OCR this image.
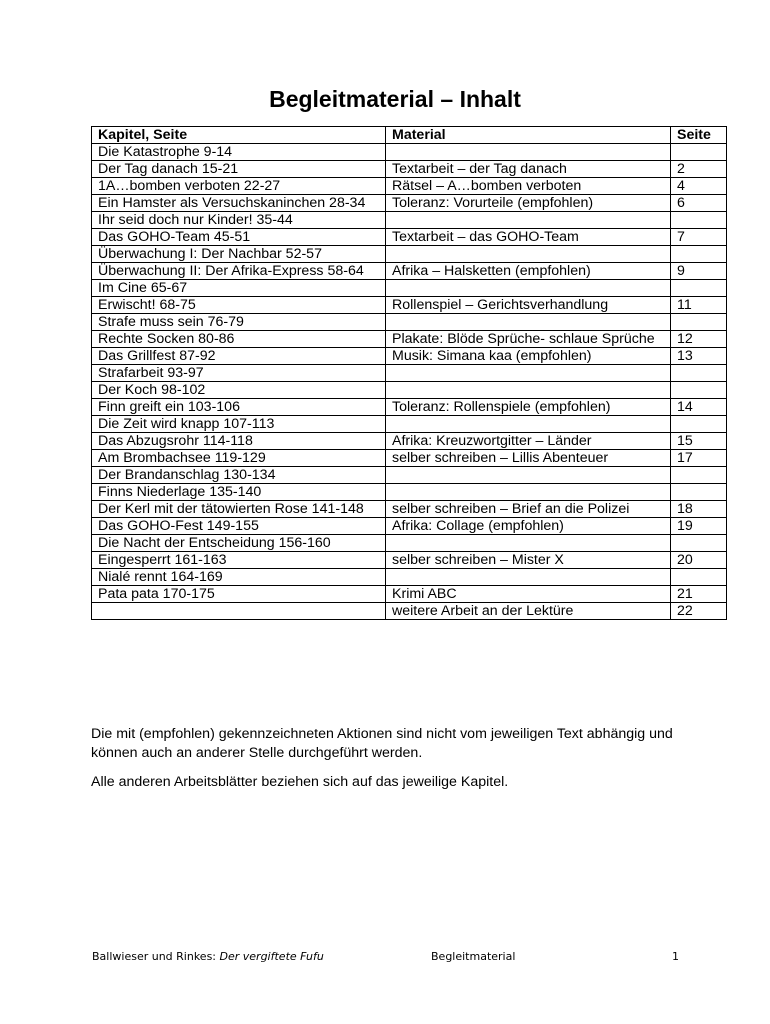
Begleitmaterial – Inhalt
Kapitel, Seite	Material	Seite
Die Katastrophe 9-14		
Der Tag danach 15-21	Textarbeit – der Tag danach	2
1A…bomben verboten 22-27	Rätsel – A…bomben verboten	4
Ein Hamster als Versuchskaninchen 28-34	Toleranz: Vorurteile (empfohlen)	6
Ihr seid doch nur Kinder! 35-44		
Das GOHO-Team 45-51	Textarbeit – das GOHO-Team	7
Überwachung I: Der Nachbar 52-57		
Überwachung II: Der Afrika-Express 58-64	Afrika – Halsketten (empfohlen)	9
Im Cine 65-67		
Erwischt! 68-75	Rollenspiel – Gerichtsverhandlung	11
Strafe muss sein 76-79		
Rechte Socken 80-86	Plakate: Blöde Sprüche- schlaue Sprüche	12
Das Grillfest 87-92	Musik: Simana kaa (empfohlen)	13
Strafarbeit 93-97		
Der Koch 98-102		
Finn greift ein 103-106	Toleranz: Rollenspiele (empfohlen)	14
Die Zeit wird knapp 107-113		
Das Abzugsrohr 114-118	Afrika: Kreuzwortgitter – Länder	15
Am Brombachsee 119-129	selber schreiben – Lillis Abenteuer	17
Der Brandanschlag 130-134		
Finns Niederlage 135-140		
Der Kerl mit der tätowierten Rose 141-148	selber schreiben – Brief an die Polizei	18
Das GOHO-Fest 149-155	Afrika: Collage (empfohlen)	19
Die Nacht der Entscheidung 156-160		
Eingesperrt 161-163	selber schreiben – Mister X	20
Nialé rennt 164-169		
Pata pata 170-175	Krimi ABC	21
	weitere Arbeit an der Lektüre	22

Die mit (empfohlen) gekennzeichneten Aktionen sind nicht vom jeweiligen Text abhängig und können auch an anderer Stelle durchgeführt werden.

Alle anderen Arbeitsblätter beziehen sich auf das jeweilige Kapitel.

Ballwieser und Rinkes: Der vergiftete Fufu	Begleitmaterial	1
